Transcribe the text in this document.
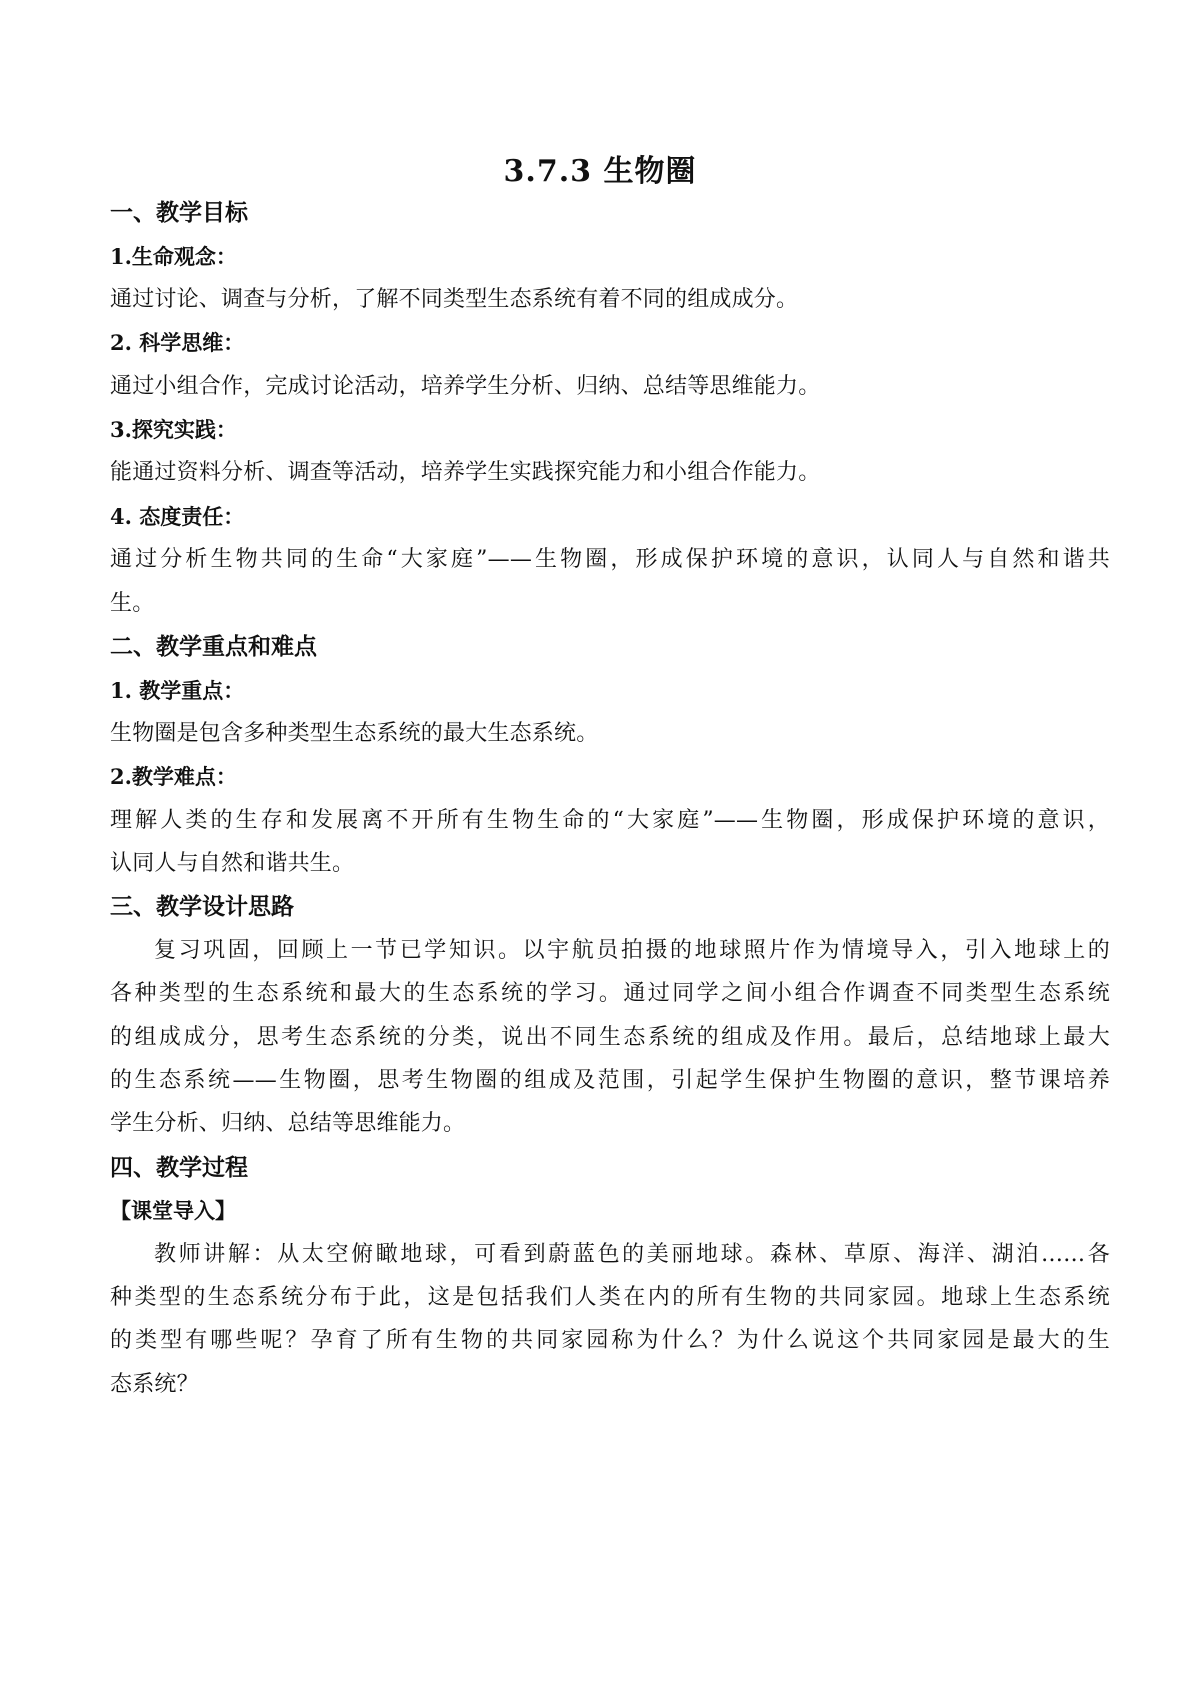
3.7.3 生物圈
一、教学目标
1.生命观念：
通过讨论、调查与分析，了解不同类型生态系统有着不同的组成成分。
2. 科学思维：
通过小组合作，完成讨论活动，培养学生分析、归纳、总结等思维能力。
3.探究实践：
能通过资料分析、调查等活动，培养学生实践探究能力和小组合作能力。
4. 态度责任：
通过分析生物共同的生命“大家庭”——生物圈，形成保护环境的意识，认同人与自然和谐共
生。
二、教学重点和难点
1. 教学重点：
生物圈是包含多种类型生态系统的最大生态系统。
2.教学难点：
理解人类的生存和发展离不开所有生物生命的“大家庭”——生物圈，形成保护环境的意识，
认同人与自然和谐共生。
三、教学设计思路
复习巩固，回顾上一节已学知识。以宇航员拍摄的地球照片作为情境导入，引入地球上的
各种类型的生态系统和最大的生态系统的学习。通过同学之间小组合作调查不同类型生态系统
的组成成分，思考生态系统的分类，说出不同生态系统的组成及作用。最后，总结地球上最大
的生态系统——生物圈，思考生物圈的组成及范围，引起学生保护生物圈的意识，整节课培养
学生分析、归纳、总结等思维能力。
四、教学过程
【课堂导入】
教师讲解：从太空俯瞰地球，可看到蔚蓝色的美丽地球。森林、草原、海洋、湖泊……各
种类型的生态系统分布于此，这是包括我们人类在内的所有生物的共同家园。地球上生态系统
的类型有哪些呢？孕育了所有生物的共同家园称为什么？为什么说这个共同家园是最大的生
态系统？
